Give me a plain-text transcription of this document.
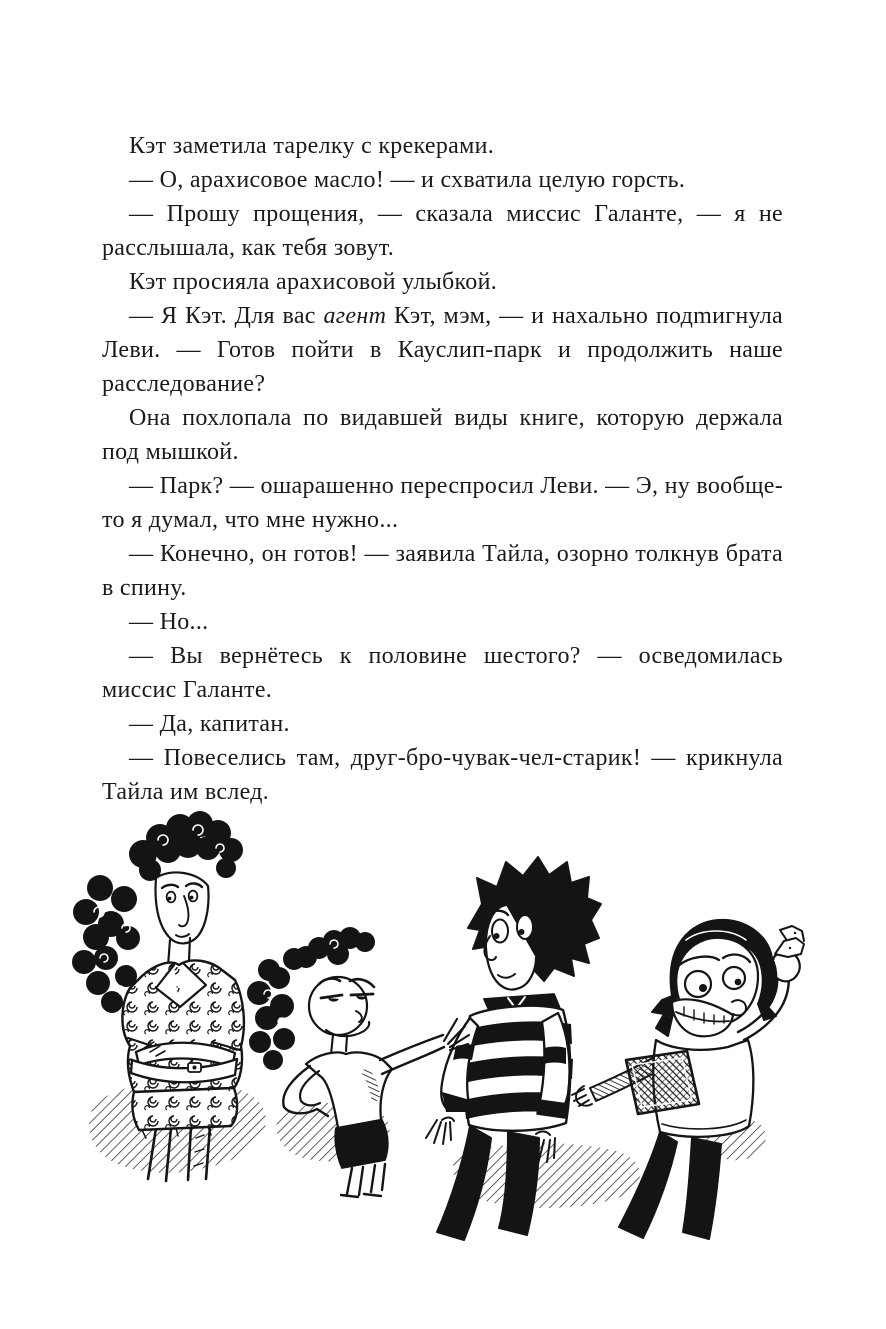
Кэт заметила тарелку с крекерами.

— О, арахисовое масло! — и схватила целую горсть.

— Прошу прощения, — сказала миссис Галанте, — я не расслышала, как тебя зовут.

Кэт просияла арахисовой улыбкой.

— Я Кэт. Для вас агент Кэт, мэм, — и нахально подmигнула Леви. — Готов пойти в Кауслип-парк и продолжить наше расследование?

Она похлопала по видавшей виды книге, которую держала под мышкой.

— Парк? — ошарашенно переспросил Леви. — Э, ну вообще-то я думал, что мне нужно...

— Конечно, он готов! — заявила Тайла, озорно толкнув брата в спину.

— Но...

— Вы вернётесь к половине шестого? — осведомилась миссис Галанте.

— Да, капитан.

— Повеселись там, друг-бро-чувак-чел-старик! — крикнула Тайла им вслед.
